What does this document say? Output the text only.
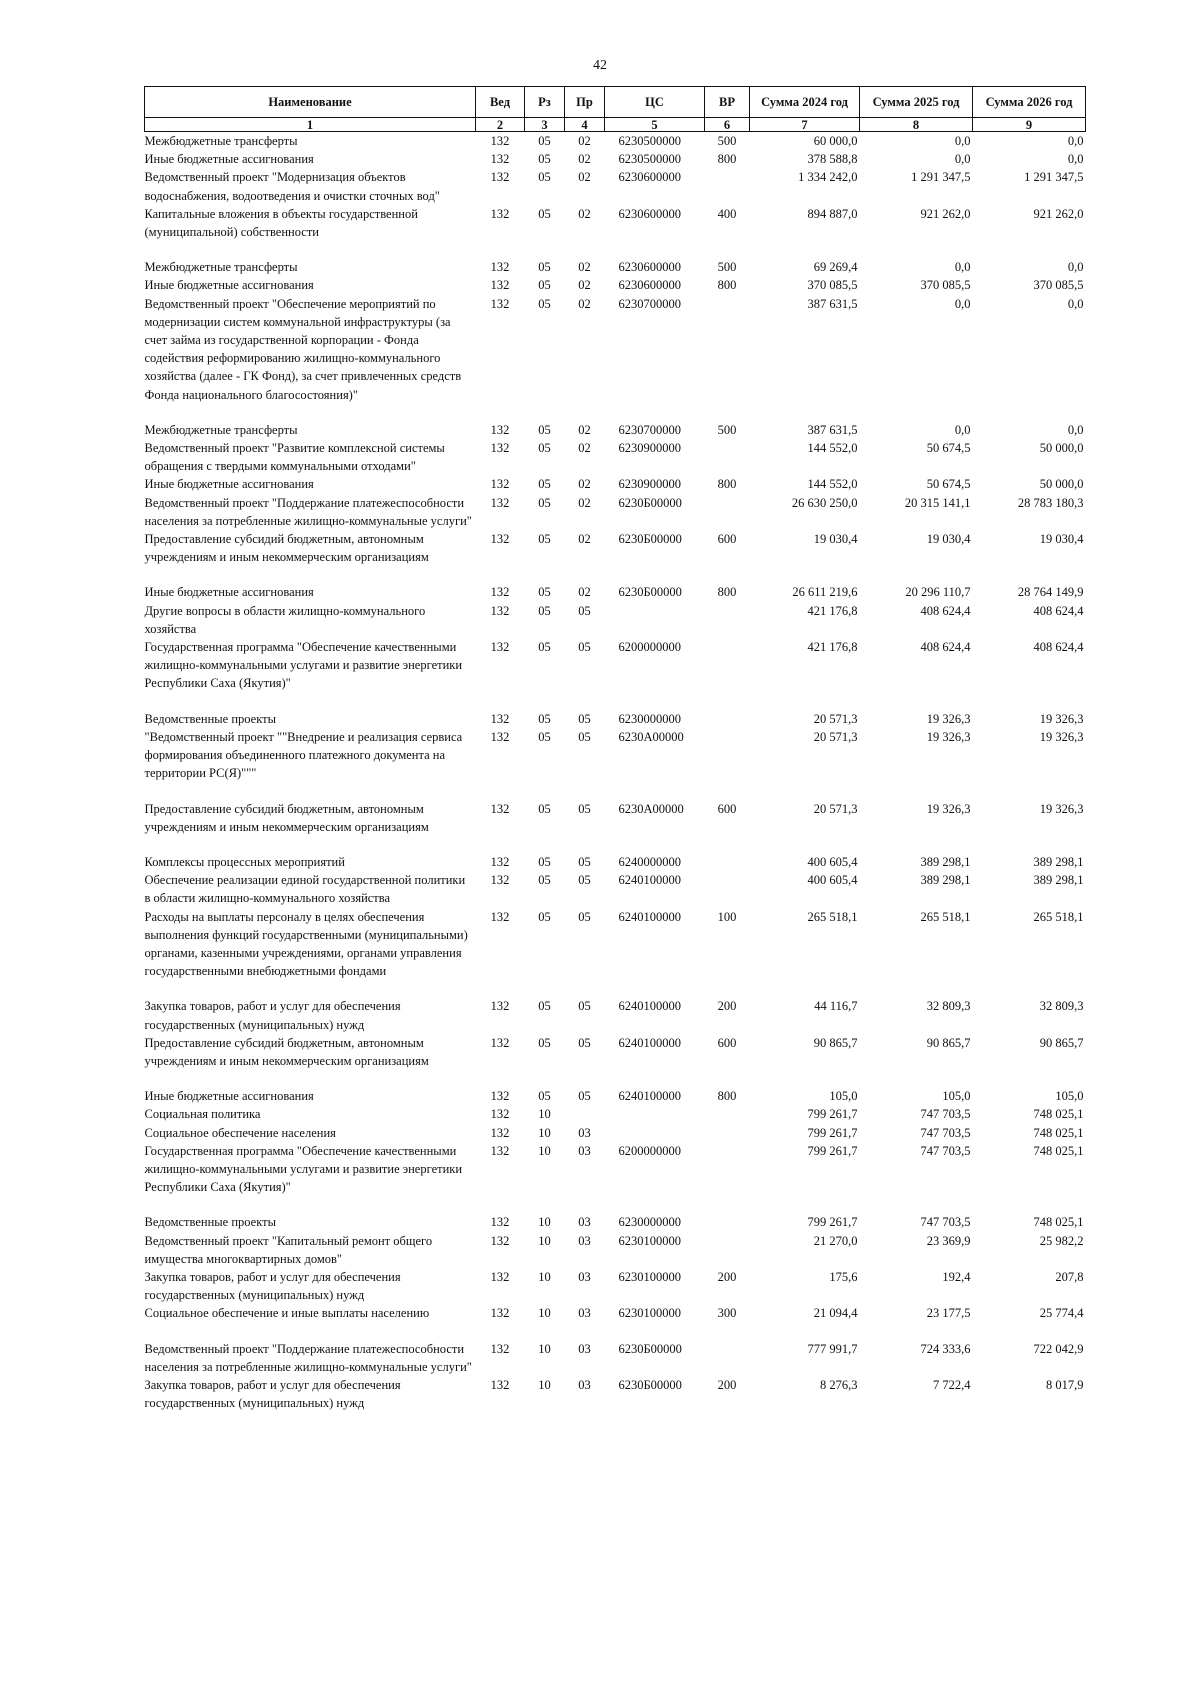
42
Наименование	Вед	Рз	Пр	ЦС	ВР	Сумма 2024 год	Сумма 2025 год	Сумма 2026 год
1	2	3	4	5	6	7	8	9
Межбюджетные трансферты	132	05	02	6230500000	500	60 000,0	0,0	0,0
Иные бюджетные ассигнования	132	05	02	6230500000	800	378 588,8	0,0	0,0
Ведомственный проект "Модернизация объектов водоснабжения, водоотведения и очистки сточных вод"	132	05	02	6230600000		1 334 242,0	1 291 347,5	1 291 347,5
Капитальные вложения в объекты государственной (муниципальной) собственности	132	05	02	6230600000	400	894 887,0	921 262,0	921 262,0
Межбюджетные трансферты	132	05	02	6230600000	500	69 269,4	0,0	0,0
Иные бюджетные ассигнования	132	05	02	6230600000	800	370 085,5	370 085,5	370 085,5
Ведомственный проект "Обеспечение мероприятий по модернизации систем коммунальной инфраструктуры (за счет займа из государственной корпорации - Фонда содействия реформированию жилищно-коммунального хозяйства (далее - ГК Фонд), за счет привлеченных средств Фонда национального благосостояния)"	132	05	02	6230700000		387 631,5	0,0	0,0
Межбюджетные трансферты	132	05	02	6230700000	500	387 631,5	0,0	0,0
Ведомственный проект "Развитие комплексной системы обращения с твердыми коммунальными отходами"	132	05	02	6230900000		144 552,0	50 674,5	50 000,0
Иные бюджетные ассигнования	132	05	02	6230900000	800	144 552,0	50 674,5	50 000,0
Ведомственный проект "Поддержание платежеспособности населения за потребленные жилищно-коммунальные услуги"	132	05	02	6230Б00000		26 630 250,0	20 315 141,1	28 783 180,3
Предоставление субсидий бюджетным, автономным учреждениям и иным некоммерческим организациям	132	05	02	6230Б00000	600	19 030,4	19 030,4	19 030,4
Иные бюджетные ассигнования	132	05	02	6230Б00000	800	26 611 219,6	20 296 110,7	28 764 149,9
Другие вопросы в области жилищно-коммунального хозяйства	132	05	05			421 176,8	408 624,4	408 624,4
Государственная программа "Обеспечение качественными жилищно-коммунальными услугами и развитие энергетики Республики Саха (Якутия)"	132	05	05	6200000000		421 176,8	408 624,4	408 624,4
Ведомственные проекты	132	05	05	6230000000		20 571,3	19 326,3	19 326,3
"Ведомственный проект ""Внедрение и реализация сервиса формирования объединенного платежного документа на территории РС(Я)"""	132	05	05	6230А00000		20 571,3	19 326,3	19 326,3
Предоставление субсидий бюджетным, автономным учреждениям и иным некоммерческим организациям	132	05	05	6230А00000	600	20 571,3	19 326,3	19 326,3
Комплексы процессных мероприятий	132	05	05	6240000000		400 605,4	389 298,1	389 298,1
Обеспечение реализации единой государственной политики в области жилищно-коммунального хозяйства	132	05	05	6240100000		400 605,4	389 298,1	389 298,1
Расходы на выплаты персоналу в целях обеспечения выполнения функций государственными (муниципальными) органами, казенными учреждениями, органами управления государственными внебюджетными фондами	132	05	05	6240100000	100	265 518,1	265 518,1	265 518,1
Закупка товаров, работ и услуг для обеспечения государственных (муниципальных) нужд	132	05	05	6240100000	200	44 116,7	32 809,3	32 809,3
Предоставление субсидий бюджетным, автономным учреждениям и иным некоммерческим организациям	132	05	05	6240100000	600	90 865,7	90 865,7	90 865,7
Иные бюджетные ассигнования	132	05	05	6240100000	800	105,0	105,0	105,0
Социальная политика	132	10				799 261,7	747 703,5	748 025,1
Социальное обеспечение населения	132	10	03			799 261,7	747 703,5	748 025,1
Государственная программа "Обеспечение качественными жилищно-коммунальными услугами и развитие энергетики Республики Саха (Якутия)"	132	10	03	6200000000		799 261,7	747 703,5	748 025,1
Ведомственные проекты	132	10	03	6230000000		799 261,7	747 703,5	748 025,1
Ведомственный проект "Капитальный ремонт общего имущества многоквартирных домов"	132	10	03	6230100000		21 270,0	23 369,9	25 982,2
Закупка товаров, работ и услуг для обеспечения государственных (муниципальных) нужд	132	10	03	6230100000	200	175,6	192,4	207,8
Социальное обеспечение и иные выплаты населению	132	10	03	6230100000	300	21 094,4	23 177,5	25 774,4
Ведомственный проект "Поддержание платежеспособности населения за потребленные жилищно-коммунальные услуги"	132	10	03	6230Б00000		777 991,7	724 333,6	722 042,9
Закупка товаров, работ и услуг для обеспечения государственных (муниципальных) нужд	132	10	03	6230Б00000	200	8 276,3	7 722,4	8 017,9
